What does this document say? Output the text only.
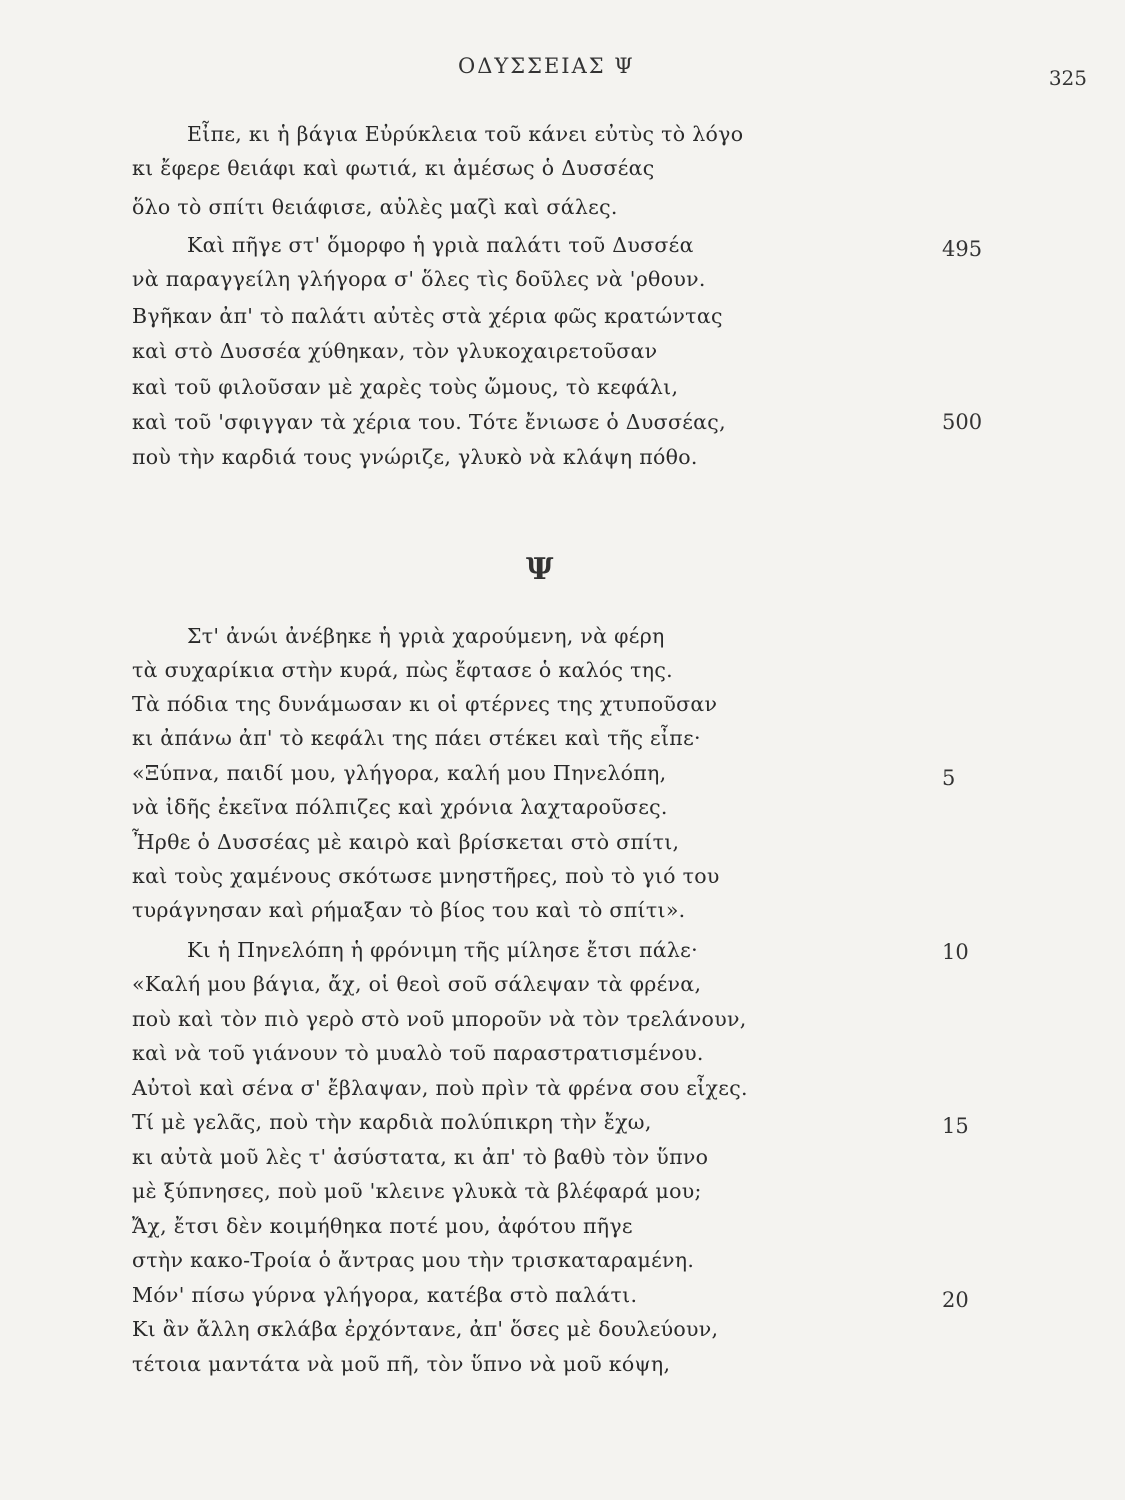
ΟΔΥΣΣΕΙΑΣ Ψ	325
Εἶπε, κι ἡ βάγια Εὐρύκλεια τοῦ κάνει εὐτὺς τὸ λόγο
κι ἔφερε θειάφι καὶ φωτιά, κι ἀμέσως ὁ Δυσσέας
ὅλο τὸ σπίτι θειάφισε, αὐλὲς μαζὶ καὶ σάλες.
Καὶ πῆγε στ' ὅμορφο ἡ γριὰ παλάτι τοῦ Δυσσέα
νὰ παραγγείλη γλήγορα σ' ὅλες τὶς δοῦλες νὰ 'ρθουν.
Βγῆκαν ἀπ' τὸ παλάτι αὐτὲς στὰ χέρια φῶς κρατώντας
καὶ στὸ Δυσσέα χύθηκαν, τὸν γλυκοχαιρετοῦσαν
καὶ τοῦ φιλοῦσαν μὲ χαρὲς τοὺς ὤμους, τὸ κεφάλι,
καὶ τοῦ 'σφιγγαν τὰ χέρια του. Τότε ἔνιωσε ὁ Δυσσέας,
ποὺ τὴν καρδιά τους γνώριζε, γλυκὸ νὰ κλάψη πόθο.
495
500
Ψ
Στ' ἀνώι ἀνέβηκε ἡ γριὰ χαρούμενη, νὰ φέρη
τὰ συχαρίκια στὴν κυρά, πὼς ἔφτασε ὁ καλός της.
Τὰ πόδια της δυνάμωσαν κι οἱ φτέρνες της χτυποῦσαν
κι ἀπάνω ἀπ' τὸ κεφάλι της πάει στέκει καὶ τῆς εἶπε·
«Ξύπνα, παιδί μου, γλήγορα, καλή μου Πηνελόπη,
νὰ ἰδῆς ἐκεῖνα πόλπιζες καὶ χρόνια λαχταροῦσες.
Ἦρθε ὁ Δυσσέας μὲ καιρὸ καὶ βρίσκεται στὸ σπίτι,
καὶ τοὺς χαμένους σκότωσε μνηστῆρες, ποὺ τὸ γιό του
τυράγνησαν καὶ ρήμαξαν τὸ βίος του καὶ τὸ σπίτι».
Κι ἡ Πηνελόπη ἡ φρόνιμη τῆς μίλησε ἔτσι πάλε·
«Καλή μου βάγια, ἄχ, οἱ θεοὶ σοῦ σάλεψαν τὰ φρένα,
ποὺ καὶ τὸν πιὸ γερὸ στὸ νοῦ μποροῦν νὰ τὸν τρελάνουν,
καὶ νὰ τοῦ γιάνουν τὸ μυαλὸ τοῦ παραστρατισμένου.
Αὐτοὶ καὶ σένα σ' ἔβλαψαν, ποὺ πρὶν τὰ φρένα σου εἶχες.
Τί μὲ γελᾶς, ποὺ τὴν καρδιὰ πολύπικρη τὴν ἔχω,
κι αὐτὰ μοῦ λὲς τ' ἀσύστατα, κι ἀπ' τὸ βαθὺ τὸν ὕπνο
μὲ ξύπνησες, ποὺ μοῦ 'κλεινε γλυκὰ τὰ βλέφαρά μου;
Ἄχ, ἔτσι δὲν κοιμήθηκα ποτέ μου, ἀφότου πῆγε
στὴν κακο-Τροία ὁ ἄντρας μου τὴν τρισκαταραμένη.
Μόν' πίσω γύρνα γλήγορα, κατέβα στὸ παλάτι.
Κι ἂν ἄλλη σκλάβα ἐρχόντανε, ἀπ' ὅσες μὲ δουλεύουν,
τέτοια μαντάτα νὰ μοῦ πῆ, τὸν ὕπνο νὰ μοῦ κόψη,
5
10
15
20
